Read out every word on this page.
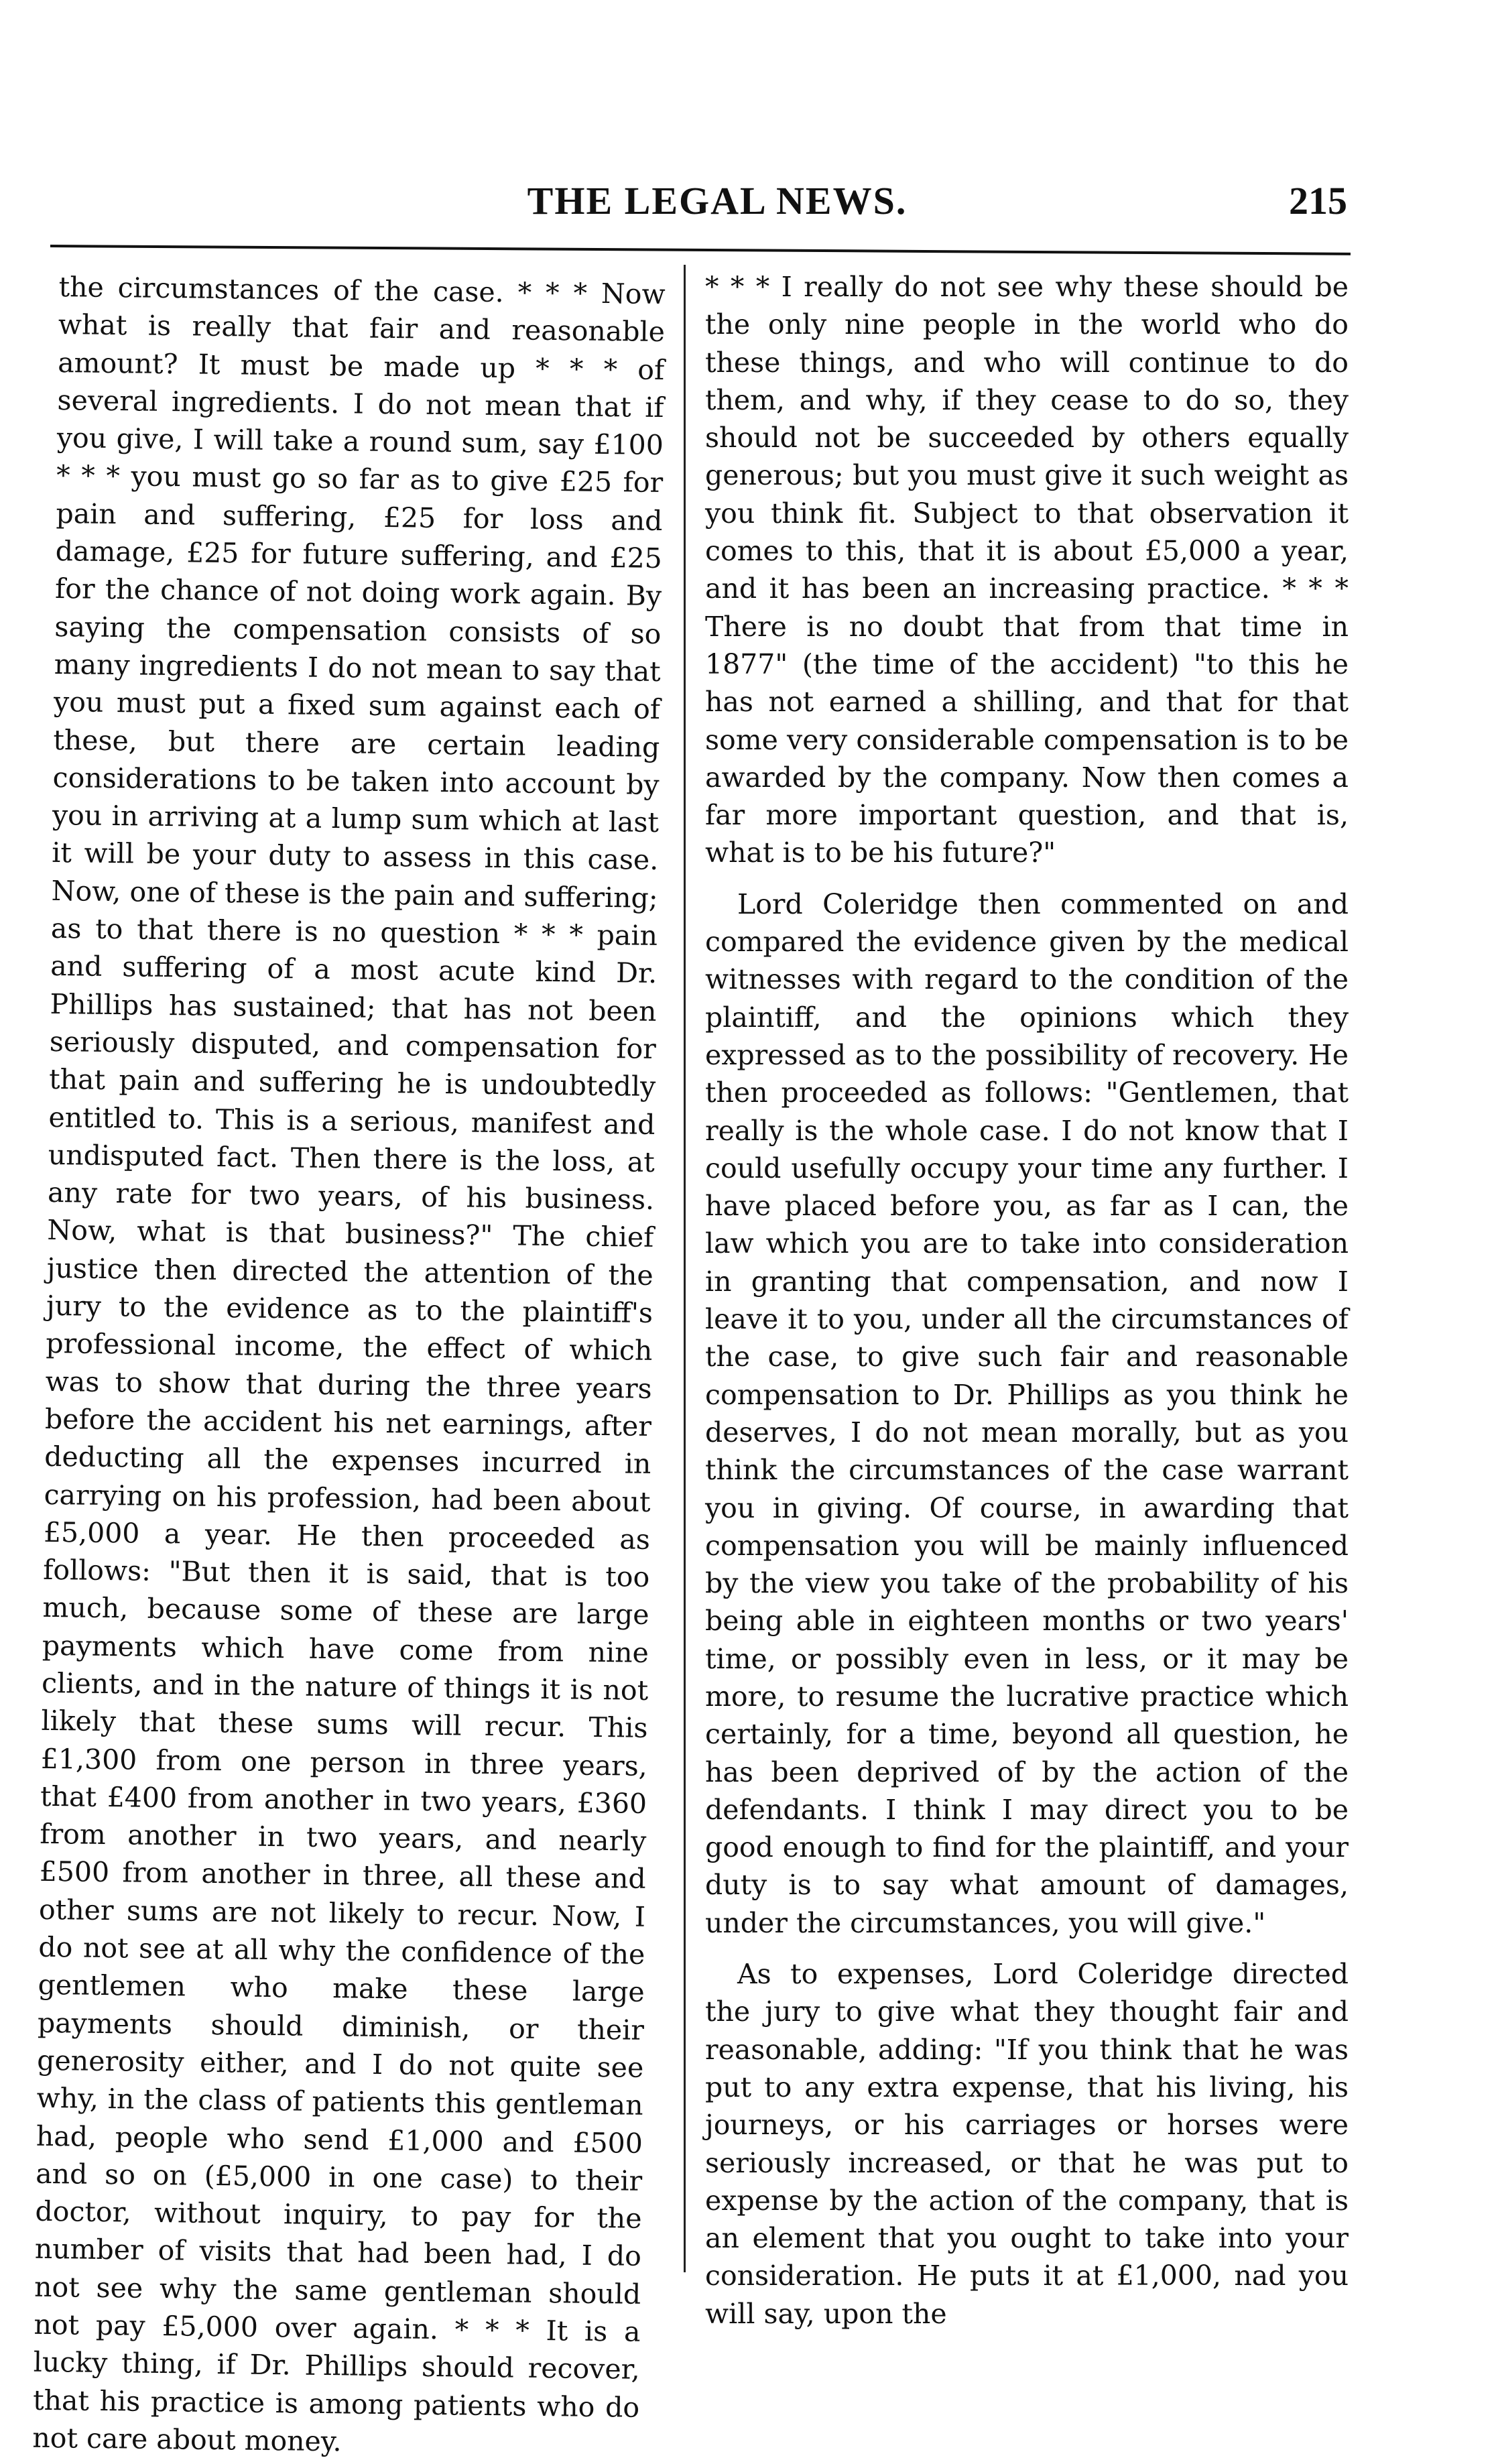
THE LEGAL NEWS.	215

the circumstances of the case. * * * Now what is really that fair and reasonable amount? It must be made up * * * of several ingredients. I do not mean that if you give, I will take a round sum, say £100 * * * you must go so far as to give £25 for pain and suffering, £25 for loss and damage, £25 for future suffering, and £25 for the chance of not doing work again. By saying the compensation consists of so many ingredients I do not mean to say that you must put a fixed sum against each of these, but there are certain leading considerations to be taken into account by you in arriving at a lump sum which at last it will be your duty to assess in this case. Now, one of these is the pain and suffering; as to that there is no question * * * pain and suffering of a most acute kind Dr. Phillips has sustained; that has not been seriously disputed, and compensation for that pain and suffering he is undoubtedly entitled to. This is a serious, manifest and undisputed fact. Then there is the loss, at any rate for two years, of his business. Now, what is that business?" The chief justice then directed the attention of the jury to the evidence as to the plaintiff's professional income, the effect of which was to show that during the three years before the accident his net earnings, after deducting all the expenses incurred in carrying on his profession, had been about £5,000 a year. He then proceeded as follows: "But then it is said, that is too much, because some of these are large payments which have come from nine clients, and in the nature of things it is not likely that these sums will recur. This £1,300 from one person in three years, that £400 from another in two years, £360 from another in two years, and nearly £500 from another in three, all these and other sums are not likely to recur. Now, I do not see at all why the confidence of the gentlemen who make these large payments should diminish, or their generosity either, and I do not quite see why, in the class of patients this gentleman had, people who send £1,000 and £500 and so on (£5,000 in one case) to their doctor, without inquiry, to pay for the number of visits that had been had, I do not see why the same gentleman should not pay £5,000 over again. * * * It is a lucky thing, if Dr. Phillips should recover, that his practice is among patients who do not care about money.

* * * I really do not see why these should be the only nine people in the world who do these things, and who will continue to do them, and why, if they cease to do so, they should not be succeeded by others equally generous; but you must give it such weight as you think fit. Subject to that observation it comes to this, that it is about £5,000 a year, and it has been an increasing practice. * * * There is no doubt that from that time in 1877" (the time of the accident) "to this he has not earned a shilling, and that for that some very considerable compensation is to be awarded by the company. Now then comes a far more important question, and that is, what is to be his future?"

Lord Coleridge then commented on and compared the evidence given by the medical witnesses with regard to the condition of the plaintiff, and the opinions which they expressed as to the possibility of recovery. He then proceeded as follows: "Gentlemen, that really is the whole case. I do not know that I could usefully occupy your time any further. I have placed before you, as far as I can, the law which you are to take into consideration in granting that compensation, and now I leave it to you, under all the circumstances of the case, to give such fair and reasonable compensation to Dr. Phillips as you think he deserves, I do not mean morally, but as you think the circumstances of the case warrant you in giving. Of course, in awarding that compensation you will be mainly influenced by the view you take of the probability of his being able in eighteen months or two years' time, or possibly even in less, or it may be more, to resume the lucrative practice which certainly, for a time, beyond all question, he has been deprived of by the action of the defendants. I think I may direct you to be good enough to find for the plaintiff, and your duty is to say what amount of damages, under the circumstances, you will give."

As to expenses, Lord Coleridge directed the jury to give what they thought fair and reasonable, adding: "If you think that he was put to any extra expense, that his living, his journeys, or his carriages or horses were seriously increased, or that he was put to expense by the action of the company, that is an element that you ought to take into your consideration. He puts it at £1,000, nad you will say, upon the
